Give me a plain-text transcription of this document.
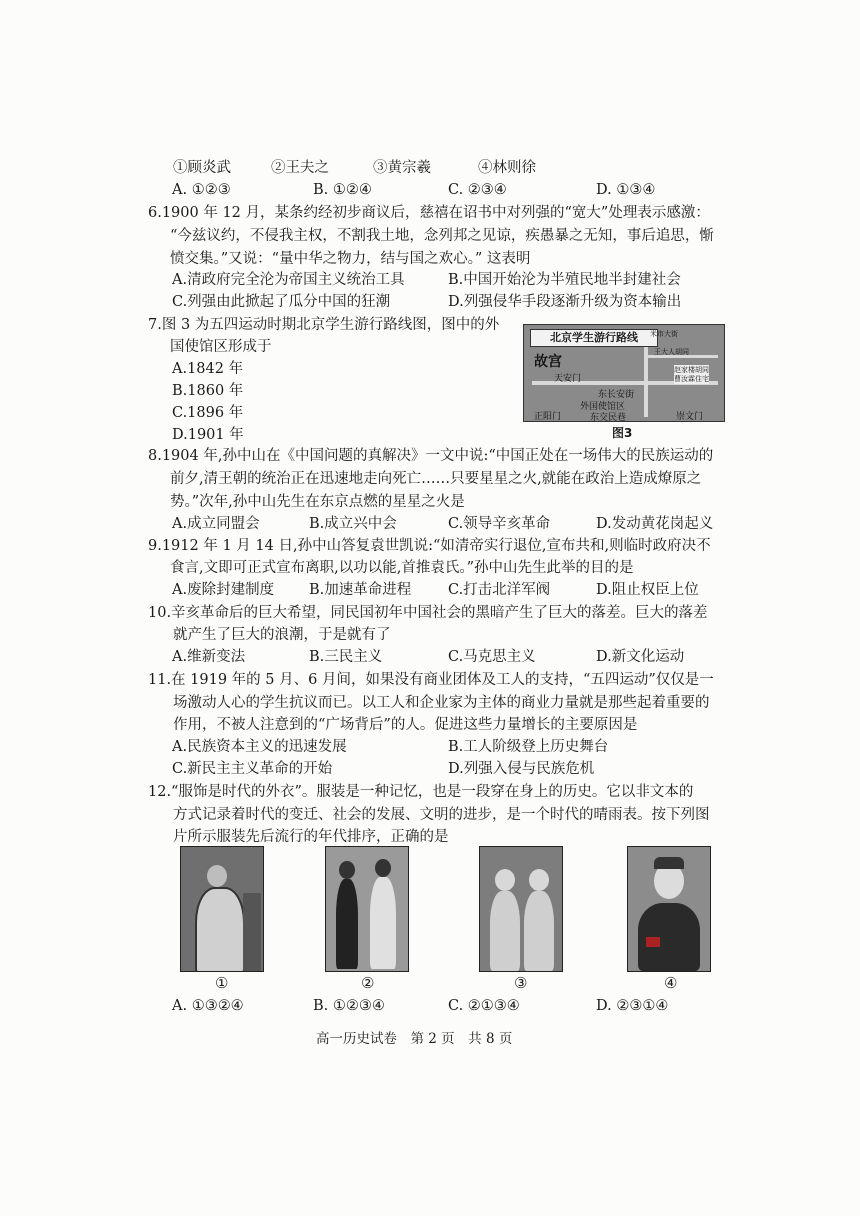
①顾炎武	②王夫之	③黄宗羲	④林则徐
A. ①②③	B. ①②④	C. ②③④	D. ①③④
6.1900 年 12 月，某条约经初步商议后，慈禧在诏书中对列强的“宽大”处理表示感激：
“今兹议约，不侵我主权，不割我土地，念列邦之见谅，疾愚暴之无知，事后追思，惭
愤交集。”又说：“量中华之物力，结与国之欢心。” 这表明
A.清政府完全沦为帝国主义统治工具	B.中国开始沦为半殖民地半封建社会
C.列强由此掀起了瓜分中国的狂潮	D.列强侵华手段逐渐升级为资本输出
7.图 3 为五四运动时期北京学生游行路线图，图中的外
国使馆区形成于
A.1842 年
B.1860 年
C.1896 年
D.1901 年
北京学生游行路线
故宫
天安门
东长安街
外国使馆区
正阳门	东交民巷	崇文门
赵家楼胡同
曹汝霖住宅
米市大街
王大人胡同
图3
8.1904 年,孙中山在《中国问题的真解决》一文中说:“中国正处在一场伟大的民族运动的
前夕,清王朝的统治正在迅速地走向死亡……只要星星之火,就能在政治上造成燎原之
势。”次年,孙中山先生在东京点燃的星星之火是
A.成立同盟会	B.成立兴中会	C.领导辛亥革命	D.发动黄花岗起义
9.1912 年 1 月 14 日,孙中山答复袁世凯说:“如清帝实行退位,宣布共和,则临时政府决不
食言,文即可正式宣布离职,以功以能,首推袁氏。”孙中山先生此举的目的是
A.废除封建制度 B.加速革命进程	C.打击北洋军阀	D.阻止权臣上位
10.辛亥革命后的巨大希望，同民国初年中国社会的黑暗产生了巨大的落差。巨大的落差
就产生了巨大的浪潮，于是就有了
A.维新变法	B.三民主义	C.马克思主义	D.新文化运动
11.在 1919 年的 5 月、6 月间，如果没有商业团体及工人的支持，“五四运动”仅仅是一
场激动人心的学生抗议而已。以工人和企业家为主体的商业力量就是那些起着重要的
作用，不被人注意到的“广场背后”的人。促进这些力量增长的主要原因是
A.民族资本主义的迅速发展	B.工人阶级登上历史舞台
C.新民主主义革命的开始	D.列强入侵与民族危机
12.“服饰是时代的外衣”。服装是一种记忆，也是一段穿在身上的历史。它以非文本的
方式记录着时代的变迁、社会的发展、文明的进步，是一个时代的晴雨表。按下列图
片所示服装先后流行的年代排序，正确的是
①	②	③	④
A. ①③②④	B. ①②③④	C. ②①③④	D. ②③①④
高一历史试卷　第 2 页　共 8 页
